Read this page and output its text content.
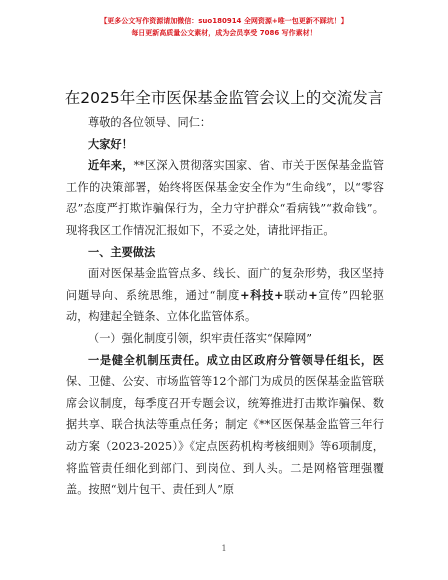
【更多公文写作资源请加微信：suo180914 全网资源+唯一包更新不踩坑！】
每日更新高质量公文素材，成为会员享受 7086 写作素材！
在2025年全市医保基金监管会议上的交流发言

尊敬的各位领导、同仁：

大家好！

近年来，**区深入贯彻落实国家、省、市关于医保基金监管工作的决策部署，始终将医保基金安全作为“生命线”，以“零容忍”态度严打欺诈骗保行为，全力守护群众“看病钱”“救命钱”。现将我区工作情况汇报如下，不妥之处，请批评指正。

一、主要做法

面对医保基金监管点多、线长、面广的复杂形势，我区坚持问题导向、系统思维，通过“制度+科技+联动+宣传”四轮驱动，构建起全链条、立体化监管体系。

（一）强化制度引领，织牢责任落实“保障网”

一是健全机制压责任。成立由区政府分管领导任组长，医保、卫健、公安、市场监管等12个部门为成员的医保基金监管联席会议制度，每季度召开专题会议，统筹推进打击欺诈骗保、数据共享、联合执法等重点任务；制定《**区医保基金监管三年行动方案（2023-2025）》《定点医药机构考核细则》等6项制度，将监管责任细化到部门、到岗位、到人头。二是网格管理强覆盖。按照“划片包干、责任到人”原

1
